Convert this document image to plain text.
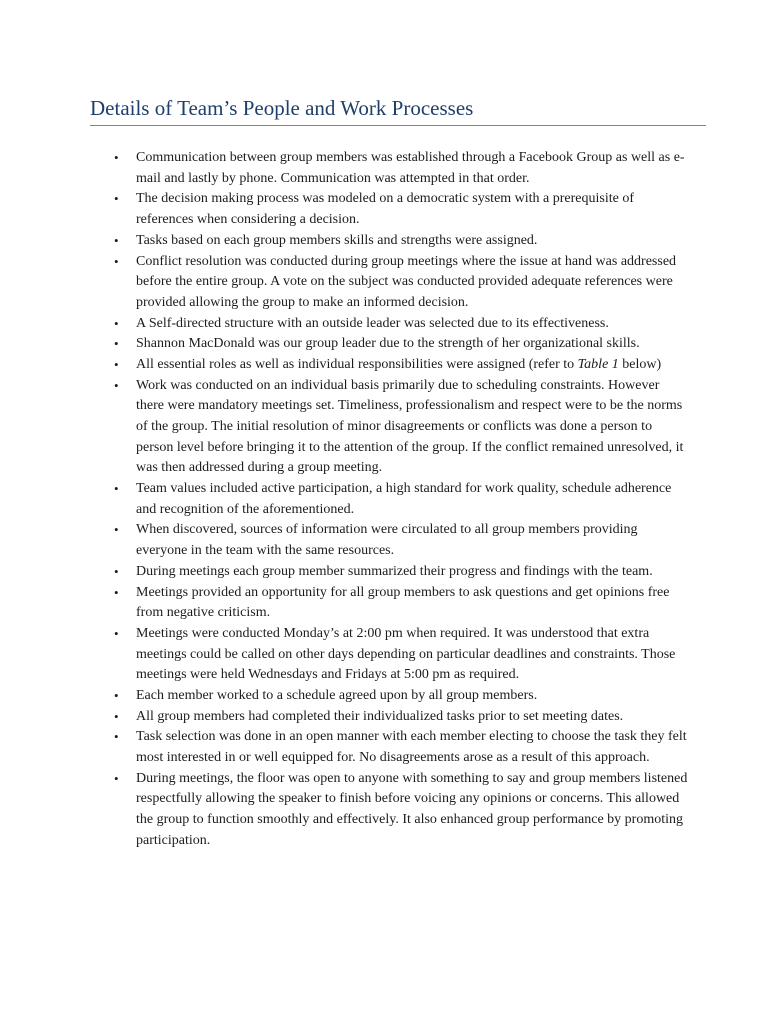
Details of Team’s People and Work Processes
• Communication between group members was established through a Facebook Group as well as e-mail and lastly by phone. Communication was attempted in that order.
• The decision making process was modeled on a democratic system with a prerequisite of references when considering a decision.
• Tasks based on each group members skills and strengths were assigned.
• Conflict resolution was conducted during group meetings where the issue at hand was addressed before the entire group. A vote on the subject was conducted provided adequate references were provided allowing the group to make an informed decision.
• A Self-directed structure with an outside leader was selected due to its effectiveness.
• Shannon MacDonald was our group leader due to the strength of her organizational skills.
• All essential roles as well as individual responsibilities were assigned (refer to Table 1 below)
• Work was conducted on an individual basis primarily due to scheduling constraints. However there were mandatory meetings set. Timeliness, professionalism and respect were to be the norms of the group. The initial resolution of minor disagreements or conflicts was done a person to person level before bringing it to the attention of the group. If the conflict remained unresolved, it was then addressed during a group meeting.
• Team values included active participation, a high standard for work quality, schedule adherence and recognition of the aforementioned.
• When discovered, sources of information were circulated to all group members providing everyone in the team with the same resources.
• During meetings each group member summarized their progress and findings with the team.
• Meetings provided an opportunity for all group members to ask questions and get opinions free from negative criticism.
• Meetings were conducted Monday’s at 2:00 pm when required. It was understood that extra meetings could be called on other days depending on particular deadlines and constraints. Those meetings were held Wednesdays and Fridays at 5:00 pm as required.
• Each member worked to a schedule agreed upon by all group members.
• All group members had completed their individualized tasks prior to set meeting dates.
• Task selection was done in an open manner with each member electing to choose the task they felt most interested in or well equipped for. No disagreements arose as a result of this approach.
• During meetings, the floor was open to anyone with something to say and group members listened respectfully allowing the speaker to finish before voicing any opinions or concerns. This allowed the group to function smoothly and effectively. It also enhanced group performance by promoting participation.
